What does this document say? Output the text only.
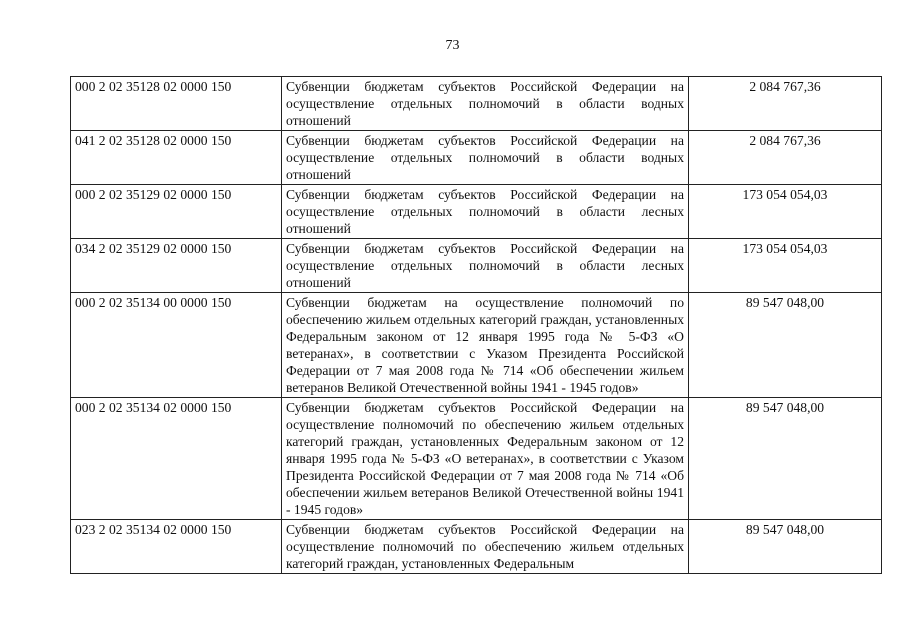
73
000 2 02 35128 02 0000 150	Субвенции бюджетам субъектов Российской Федерации на осуществление отдельных полномочий в области водных отношений	2 084 767,36
041 2 02 35128 02 0000 150	Субвенции бюджетам субъектов Российской Федерации на осуществление отдельных полномочий в области водных отношений	2 084 767,36
000 2 02 35129 02 0000 150	Субвенции бюджетам субъектов Российской Федерации на осуществление отдельных полномочий в области лесных отношений	173 054 054,03
034 2 02 35129 02 0000 150	Субвенции бюджетам субъектов Российской Федерации на осуществление отдельных полномочий в области лесных отношений	173 054 054,03
000 2 02 35134 00 0000 150	Субвенции бюджетам на осуществление полномочий по обеспечению жильем отдельных категорий граждан, установленных Федеральным законом от 12 января 1995 года № 5-ФЗ «О ветеранах», в соответствии с Указом Президента Российской Федерации от 7 мая 2008 года № 714 «Об обеспечении жильем ветеранов Великой Отечественной войны 1941 - 1945 годов»	89 547 048,00
000 2 02 35134 02 0000 150	Субвенции бюджетам субъектов Российской Федерации на осуществление полномочий по обеспечению жильем отдельных категорий граждан, установленных Федеральным законом от 12 января 1995 года № 5-ФЗ «О ветеранах», в соответствии с Указом Президента Российской Федерации от 7 мая 2008 года № 714 «Об обеспечении жильем ветеранов Великой Отечественной войны 1941 - 1945 годов»	89 547 048,00
023 2 02 35134 02 0000 150	Субвенции бюджетам субъектов Российской Федерации на осуществление полномочий по обеспечению жильем отдельных категорий граждан, установленных Федеральным	89 547 048,00
